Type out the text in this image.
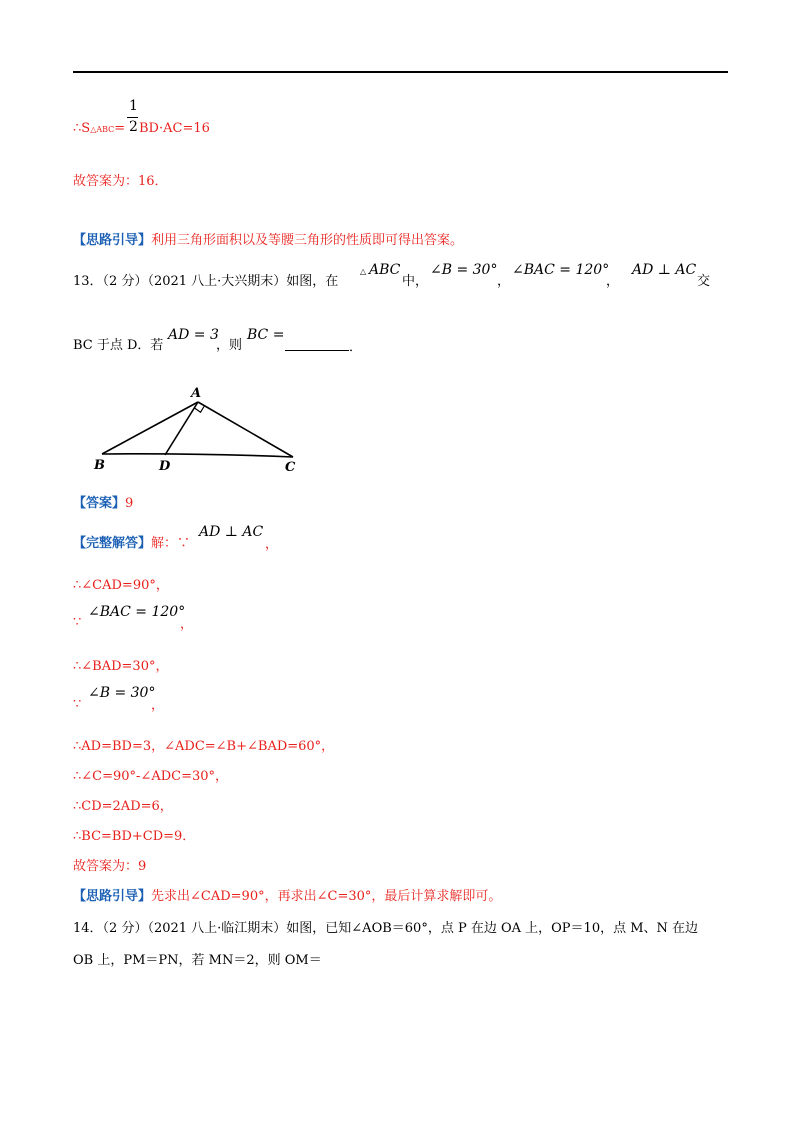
1
2
∴S△ABC= BD·AC=16
故答案为：16．
【思路引导】利用三角形面积以及等腰三角形的性质即可得出答案。
13．（2 分）（2021 八上·大兴期末）如图，在
△ ABC
中，
∠B = 30°
，
∠BAC = 120°
，
AD ⊥ AC
交
BC 于点 D．若
AD = 3
，则
BC =
．
A
B	D	C
【答案】9
【完整解答】解：∵
AD ⊥ AC
，
∴∠CAD=90°，
∵
∠BAC = 120°
，
∴∠BAD=30°，
∵
∠B = 30°
，
∴AD=BD=3，∠ADC=∠B+∠BAD=60°，
∴∠C=90°-∠ADC=30°，
∴CD=2AD=6，
∴BC=BD+CD=9．
故答案为：9
【思路引导】先求出∠CAD=90°，再求出∠C=30°，最后计算求解即可。
14．（2 分）（2021 八上·临江期末）如图，已知∠AOB＝60°，点 P 在边 OA 上，OP＝10，点 M、N 在边
OB 上，PM＝PN，若 MN＝2，则 OM＝
